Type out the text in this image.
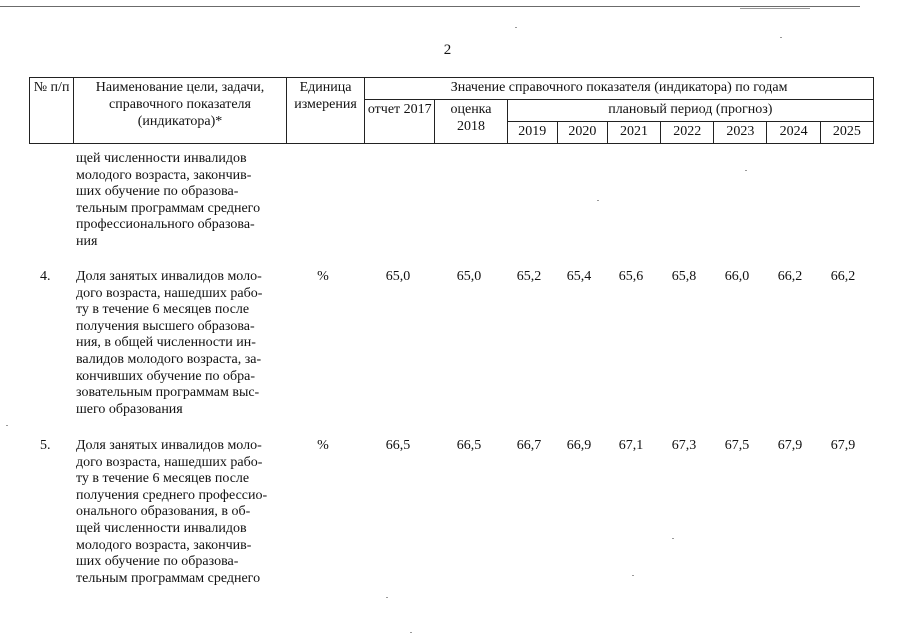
2
№ п/п	Наименование цели, задачи, справочного показателя (индикатора)*	Единица измерения	Значение справочного показателя (индикатора) по годам								
			отчет 2017	оценка 2018	плановый период (прогноз)						
					2019	2020	2021	2022	2023	2024	2025
щей численности инвалидов
молодого возраста, закончив-
ших обучение по образова-
тельным программам среднего
профессионального образова-
ния
4.	Доля занятых инвалидов моло-
дого возраста, нашедших рабо-
ту в течение 6 месяцев после
получения высшего образова-
ния, в общей численности ин-
валидов молодого возраста, за-
кончивших обучение по обра-
зовательным программам выс-
шего образования
%	65,0	65,0	65,2	65,4	65,6	65,8	66,0	66,2	66,2
5.	Доля занятых инвалидов моло-
дого возраста, нашедших рабо-
ту в течение 6 месяцев после
получения среднего профессио-
онального образования, в об-
щей численности инвалидов
молодого возраста, закончив-
ших обучение по образова-
тельным программам среднего
%	66,5	66,5	66,7	66,9	67,1	67,3	67,5	67,9	67,9
